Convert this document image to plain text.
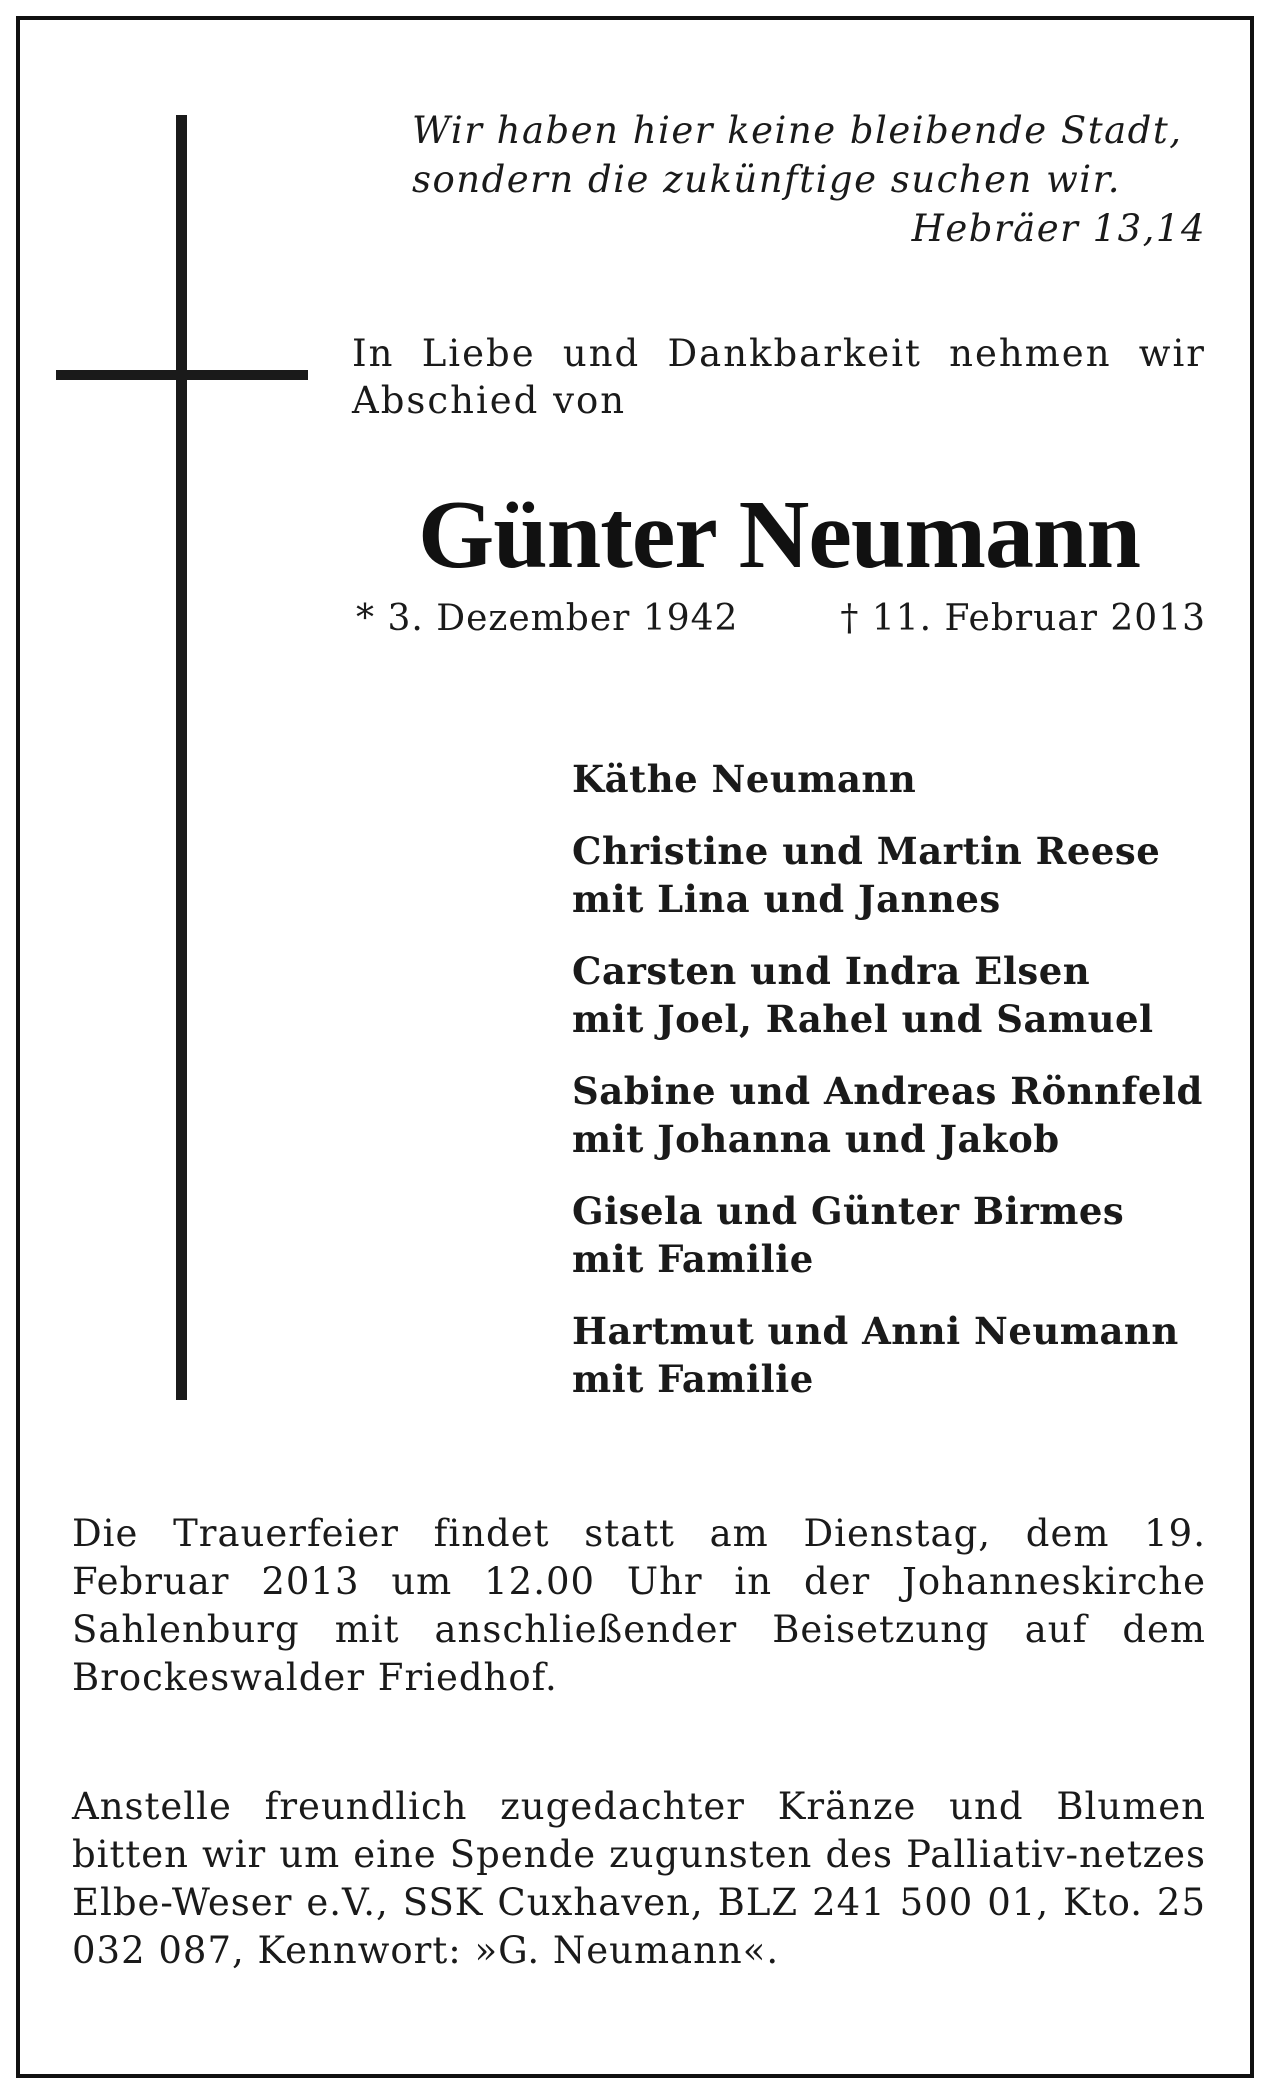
Wir haben hier keine bleibende Stadt,
sondern die zukünftige suchen wir.
Hebräer 13,14
In Liebe und Dankbarkeit nehmen wir Abschied von
Günter Neumann
* 3. Dezember 1942	† 11. Februar 2013
Käthe Neumann
Christine und Martin Reese
mit Lina und Jannes
Carsten und Indra Elsen
mit Joel, Rahel und Samuel
Sabine und Andreas Rönnfeld
mit Johanna und Jakob
Gisela und Günter Birmes
mit Familie
Hartmut und Anni Neumann
mit Familie
Die Trauerfeier findet statt am Dienstag, dem 19. Februar 2013 um 12.00 Uhr in der Johanneskirche Sahlenburg mit anschließender Beisetzung auf dem Brockeswalder Friedhof.
Anstelle freundlich zugedachter Kränze und Blumen bitten wir um eine Spende zugunsten des Palliativ-netzes Elbe-Weser e.V., SSK Cuxhaven, BLZ 241 500 01, Kto. 25 032 087, Kennwort: »G. Neumann«.
